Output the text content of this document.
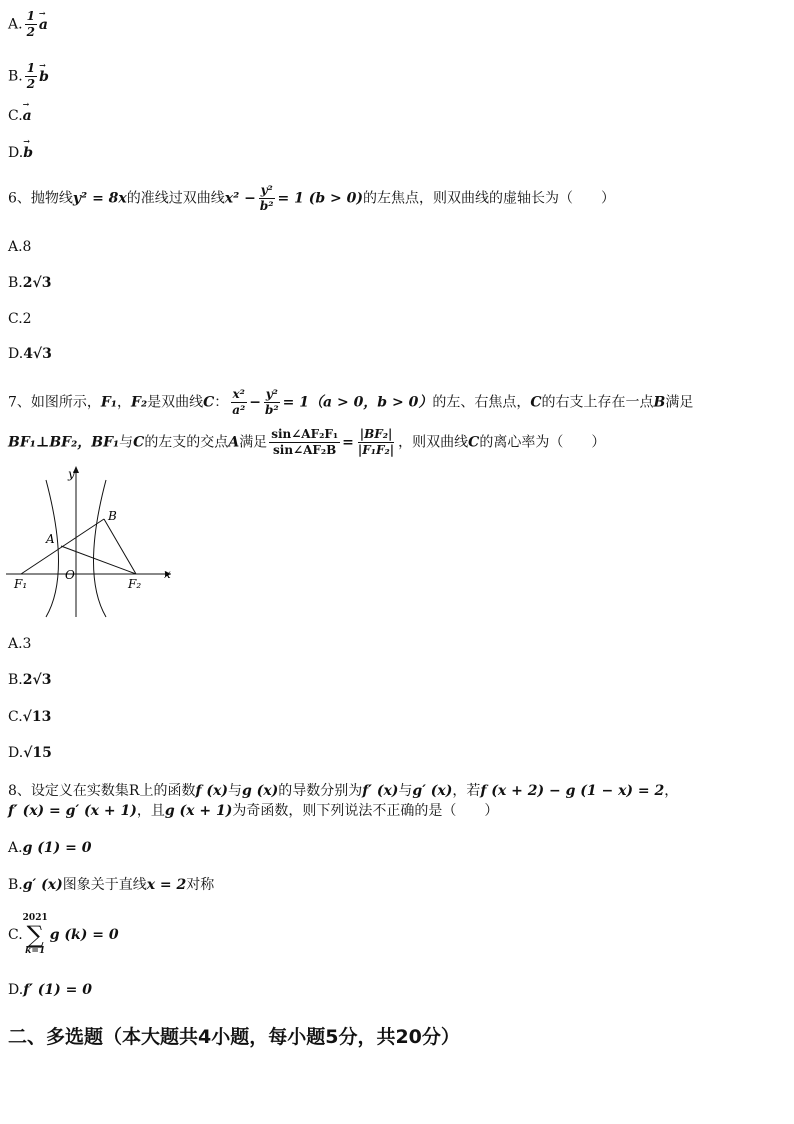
A. $\frac{1}{2}$
→ a
B. $\frac{1}{2}$
→ b
C.→ a
D.→ b
6、抛物线y² = 8x的准线过双曲线$x^2 - \frac{\text{y²}}{\text{b²}} = 1$ (b > 0)的左焦点，则双曲线的虚轴长为（　　）
A.8
B.2√3
C.2
D.4√3
7、如图所示，F₁，F₂是双曲线C： $\frac{\text{x²}}{\text{a²}} - \frac{\text{y²}}{\text{b²}} = 1(a > 0$，b > 0）的左、右焦点，C的右支上存在一点B满足
BF₁⊥BF₂，BF₁与C的左支的交点A满足 $\frac{\text{sin∠AF₂F₁}}{\text{sin∠AF₂B}} = \frac{\text{|BF₂|}}{\text{|F₁F₂|}}$ ，则双曲线C的离心率为（　　）
y
x
B
A
O
F₁	F₂
A.3
B.2√3
C.√13
D.√15
8、设定义在实数集R上的函数f (x)与g (x)的导数分别为f′ (x)与g′ (x)，若f (x + 2) − g (1 − x) = 2，
f′ (x) = g′ (x + 1)，且g (x + 1)为奇函数，则下列说法不正确的是（　　）
A.g (1) = 0
B.g′ (x)图象关于直线x = 2对称
C.
2021
∑
k=1
g (k) = 0
D.f′ (1) = 0
二、多选题（本大题共4小题，每小题5分，共20分）
